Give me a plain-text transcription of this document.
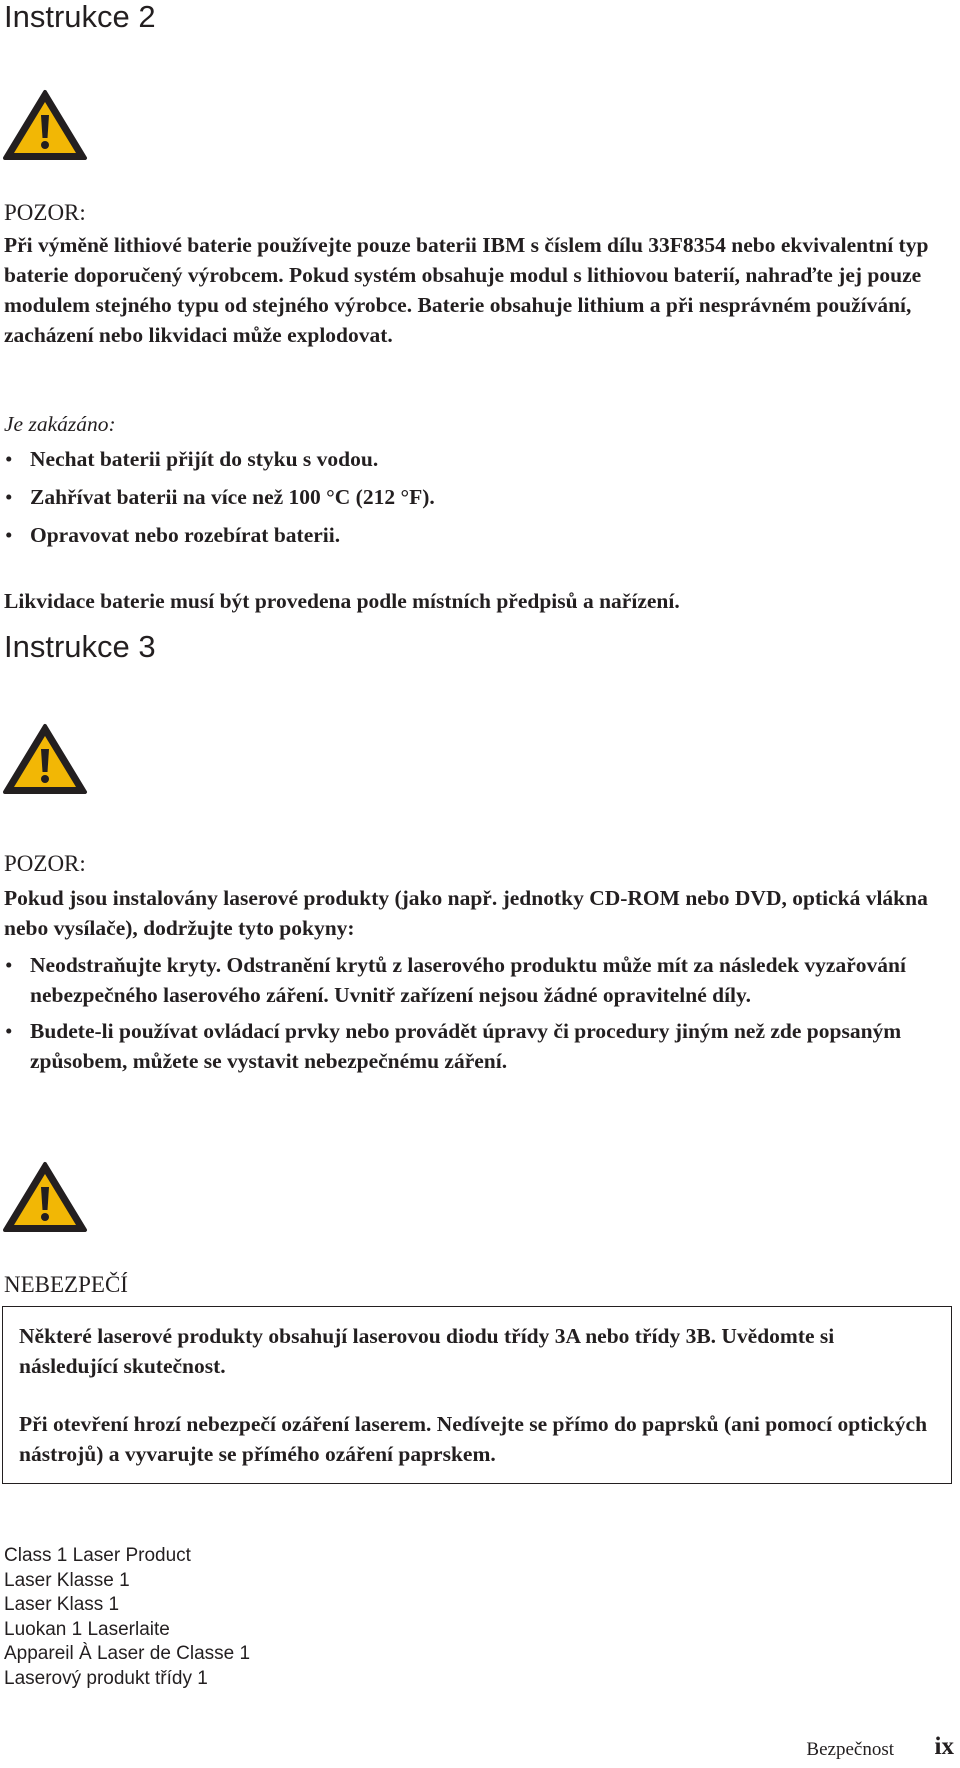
Instrukce 2
POZOR:

Při výměně lithiové baterie používejte pouze baterii IBM s číslem dílu 33F8354 nebo ekvivalentní typ baterie doporučený výrobcem. Pokud systém obsahuje modul s lithiovou baterií, nahraďte jej pouze modulem stejného typu od stejného výrobce. Baterie obsahuje lithium a při nesprávném používání, zacházení nebo likvidaci může explodovat.

Je zakázáno:
• Nechat baterii přijít do styku s vodou.
• Zahřívat baterii na více než 100 °C (212 °F).
• Opravovat nebo rozebírat baterii.

Likvidace baterie musí být provedena podle místních předpisů a nařízení.

Instrukce 3
POZOR:

Pokud jsou instalovány laserové produkty (jako např. jednotky CD-ROM nebo DVD, optická vlákna nebo vysílače), dodržujte tyto pokyny:

• Neodstraňujte kryty. Odstranění krytů z laserového produktu může mít za následek vyzařování nebezpečného laserového záření. Uvnitř zařízení nejsou žádné opravitelné díly.
• Budete-li používat ovládací prvky nebo provádět úpravy či procedury jiným než zde popsaným způsobem, můžete se vystavit nebezpečnému záření.
NEBEZPEČÍ

Některé laserové produkty obsahují laserovou diodu třídy 3A nebo třídy 3B. Uvědomte si následující skutečnost.

Při otevření hrozí nebezpečí ozáření laserem. Nedívejte se přímo do paprsků (ani pomocí optických nástrojů) a vyvarujte se přímého ozáření paprskem.

Class 1 Laser Product
Laser Klasse 1
Laser Klass 1
Luokan 1 Laserlaite
Appareil À Laser de Classe 1
Laserový produkt třídy 1
Bezpečnost ix
